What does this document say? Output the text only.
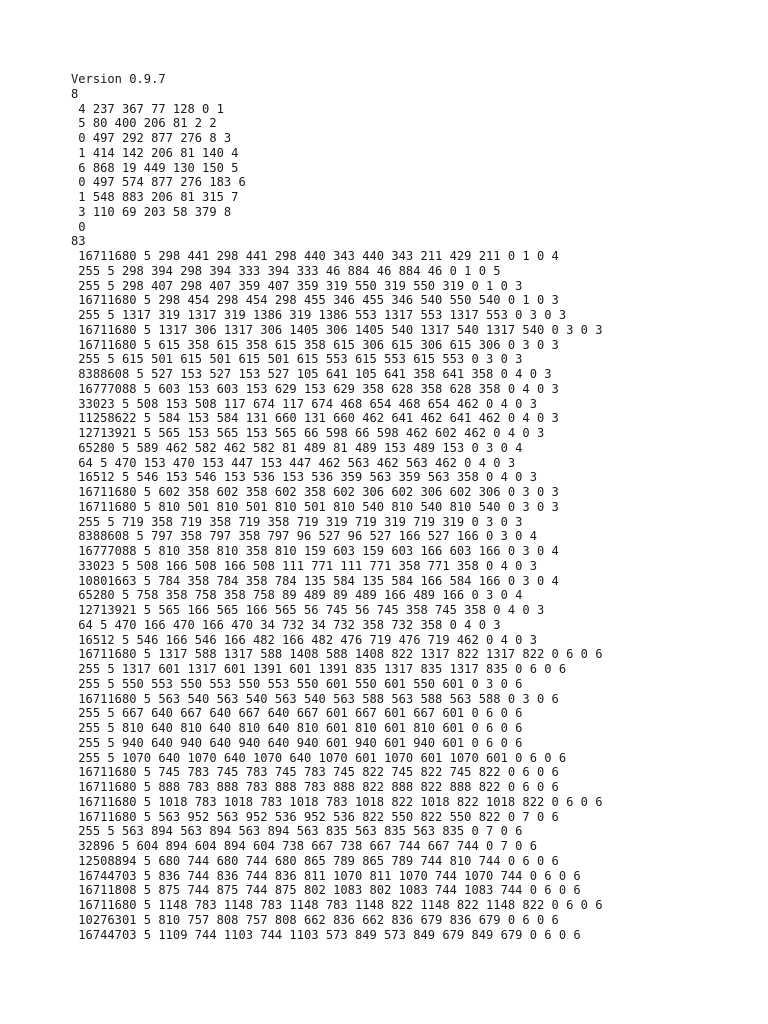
Version 0.9.7
8
4 237 367 77 128 0 1
5 80 400 206 81 2 2
0 497 292 877 276 8 3
1 414 142 206 81 140 4
6 868 19 449 130 150 5
0 497 574 877 276 183 6
1 548 883 206 81 315 7
3 110 69 203 58 379 8
0
83
16711680 5 298 441 298 441 298 440 343 440 343 211 429 211 0 1 0 4
255 5 298 394 298 394 333 394 333 46 884 46 884 46 0 1 0 5
255 5 298 407 298 407 359 407 359 319 550 319 550 319 0 1 0 3
16711680 5 298 454 298 454 298 455 346 455 346 540 550 540 0 1 0 3
255 5 1317 319 1317 319 1386 319 1386 553 1317 553 1317 553 0 3 0 3
16711680 5 1317 306 1317 306 1405 306 1405 540 1317 540 1317 540 0 3 0 3
16711680 5 615 358 615 358 615 358 615 306 615 306 615 306 0 3 0 3
255 5 615 501 615 501 615 501 615 553 615 553 615 553 0 3 0 3
8388608 5 527 153 527 153 527 105 641 105 641 358 641 358 0 4 0 3
16777088 5 603 153 603 153 629 153 629 358 628 358 628 358 0 4 0 3
33023 5 508 153 508 117 674 117 674 468 654 468 654 462 0 4 0 3
11258622 5 584 153 584 131 660 131 660 462 641 462 641 462 0 4 0 3
12713921 5 565 153 565 153 565 66 598 66 598 462 602 462 0 4 0 3
65280 5 589 462 582 462 582 81 489 81 489 153 489 153 0 3 0 4
64 5 470 153 470 153 447 153 447 462 563 462 563 462 0 4 0 3
16512 5 546 153 546 153 536 153 536 359 563 359 563 358 0 4 0 3
16711680 5 602 358 602 358 602 358 602 306 602 306 602 306 0 3 0 3
16711680 5 810 501 810 501 810 501 810 540 810 540 810 540 0 3 0 3
255 5 719 358 719 358 719 358 719 319 719 319 719 319 0 3 0 3
8388608 5 797 358 797 358 797 96 527 96 527 166 527 166 0 3 0 4
16777088 5 810 358 810 358 810 159 603 159 603 166 603 166 0 3 0 4
33023 5 508 166 508 166 508 111 771 111 771 358 771 358 0 4 0 3
10801663 5 784 358 784 358 784 135 584 135 584 166 584 166 0 3 0 4
65280 5 758 358 758 358 758 89 489 89 489 166 489 166 0 3 0 4
12713921 5 565 166 565 166 565 56 745 56 745 358 745 358 0 4 0 3
64 5 470 166 470 166 470 34 732 34 732 358 732 358 0 4 0 3
16512 5 546 166 546 166 482 166 482 476 719 476 719 462 0 4 0 3
16711680 5 1317 588 1317 588 1408 588 1408 822 1317 822 1317 822 0 6 0 6
255 5 1317 601 1317 601 1391 601 1391 835 1317 835 1317 835 0 6 0 6
255 5 550 553 550 553 550 553 550 601 550 601 550 601 0 3 0 6
16711680 5 563 540 563 540 563 540 563 588 563 588 563 588 0 3 0 6
255 5 667 640 667 640 667 640 667 601 667 601 667 601 0 6 0 6
255 5 810 640 810 640 810 640 810 601 810 601 810 601 0 6 0 6
255 5 940 640 940 640 940 640 940 601 940 601 940 601 0 6 0 6
255 5 1070 640 1070 640 1070 640 1070 601 1070 601 1070 601 0 6 0 6
16711680 5 745 783 745 783 745 783 745 822 745 822 745 822 0 6 0 6
16711680 5 888 783 888 783 888 783 888 822 888 822 888 822 0 6 0 6
16711680 5 1018 783 1018 783 1018 783 1018 822 1018 822 1018 822 0 6 0 6
16711680 5 563 952 563 952 536 952 536 822 550 822 550 822 0 7 0 6
255 5 563 894 563 894 563 894 563 835 563 835 563 835 0 7 0 6
32896 5 604 894 604 894 604 738 667 738 667 744 667 744 0 7 0 6
12508894 5 680 744 680 744 680 865 789 865 789 744 810 744 0 6 0 6
16744703 5 836 744 836 744 836 811 1070 811 1070 744 1070 744 0 6 0 6
16711808 5 875 744 875 744 875 802 1083 802 1083 744 1083 744 0 6 0 6
16711680 5 1148 783 1148 783 1148 783 1148 822 1148 822 1148 822 0 6 0 6
10276301 5 810 757 808 757 808 662 836 662 836 679 836 679 0 6 0 6
16744703 5 1109 744 1103 744 1103 573 849 573 849 679 849 679 0 6 0 6
